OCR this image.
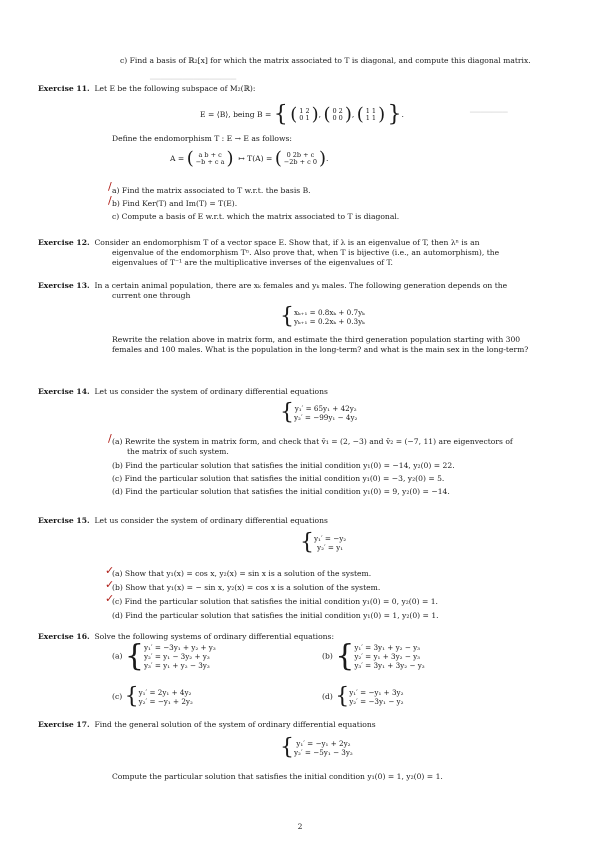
▁▁▁▁▁▁▁▁▁▁▁▁▁▁▁▁
▁▁▁▁▁▁▁
c) Find a basis of ℝ₂[x] for which the matrix associated to T is diagonal, and compute this diagonal matrix.
Exercise 11. Let E be the following subspace of M₂(ℝ):
E = ⟨B⟩, being B = { ( 1 2
0 1 ), ( 0 2
0 0 ), ( 1 1
1 1 ) }.
Define the endomorphism T : E → E as follows:
A = ( a b + c
−b + c a ) ↦ T(A) = ( 0 2b + c
−2b + c 0 ).
a) Find the matrix associated to T w.r.t. the basis B.
b) Find Ker(T) and Im(T) = T(E).
c) Compute a basis of E w.r.t. which the matrix associated to T is diagonal.
/
/
Exercise 12. Consider an endomorphism T of a vector space E. Show that, if λ is an eigenvalue of T, then λⁿ is an
eigenvalue of the endomorphism Tⁿ. Also prove that, when T is bijective (i.e., an automorphism), the
eigenvalues of T⁻¹ are the multiplicative inverses of the eigenvalues of T.
Exercise 13. In a certain animal population, there are xₖ females and yₖ males. The following generation depends on the
current one through
{ xₖ₊₁ = 0.8xₖ + 0.7yₖ
yₖ₊₁ = 0.2xₖ + 0.3yₖ
Rewrite the relation above in matrix form, and estimate the third generation population starting with 300
females and 100 males. What is the population in the long-term? and what is the main sex in the long-term?
Exercise 14. Let us consider the system of ordinary differential equations
{ y₁′ = 65y₁ + 42y₂
y₂′ = −99y₁ − 4y₂
(a) Rewrite the system in matrix form, and check that v̄₁ = (2, −3) and v̄₂ = (−7, 11) are eigenvectors of
the matrix of such system.
(b) Find the particular solution that satisfies the initial condition y₁(0) = −14, y₂(0) = 22.
(c) Find the particular solution that satisfies the initial condition y₁(0) = −3, y₂(0) = 5.
(d) Find the particular solution that satisfies the initial condition y₁(0) = 9, y₂(0) = −14.
/
Exercise 15. Let us consider the system of ordinary differential equations
{ y₁′ = −y₂
y₂′ = y₁
(a) Show that y₁(x) = cos x, y₂(x) = sin x is a solution of the system.
(b) Show that y₁(x) = − sin x, y₂(x) = cos x is a solution of the system.
(c) Find the particular solution that satisfies the initial condition y₁(0) = 0, y₂(0) = 1.
(d) Find the particular solution that satisfies the initial condition y₁(0) = 1, y₂(0) = 1.
✓
✓
✓
Exercise 16. Solve the following systems of ordinary differential equations:
(a) { y₁′ = −3y₁ + y₂ + y₃
y₂′ = y₁ − 3y₂ + y₃
y₃′ = y₁ + y₂ − 3y₃
(b) { y₁′ = 3y₁ + y₂ − y₃
y₂′ = y₁ + 3y₂ − y₃
y₃′ = 3y₁ + 3y₂ − y₃
(c) { y₁′ = 2y₁ + 4y₂
y₂′ = −y₁ + 2y₂
(d) { y₁′ = −y₁ + 3y₂
y₂′ = −3y₁ − y₂
Exercise 17. Find the general solution of the system of ordinary differential equations
{ y₁′ = −y₁ + 2y₂
y₂′ = −5y₁ − 3y₂
Compute the particular solution that satisfies the initial condition y₁(0) = 1, y₂(0) = 1.
2
